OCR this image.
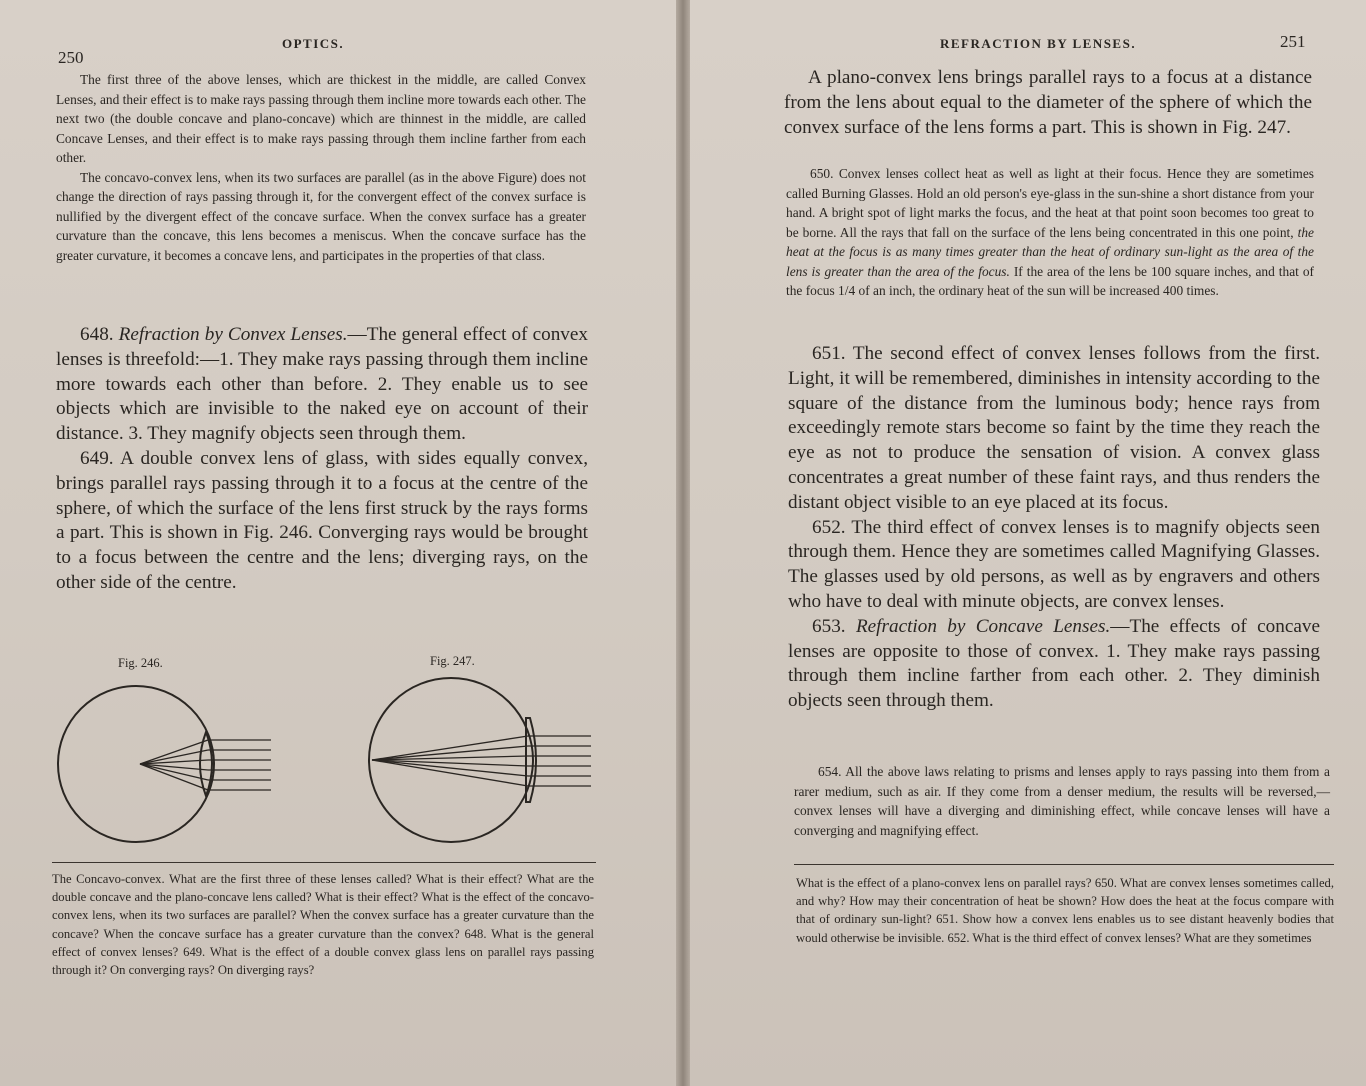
250
OPTICS.

The first three of the above lenses, which are thickest in the middle, are called Convex Lenses, and their effect is to make rays passing through them incline more towards each other. The next two (the double concave and plano-concave) which are thinnest in the middle, are called Concave Lenses, and their effect is to make rays passing through them incline farther from each other.

The concavo-convex lens, when its two surfaces are parallel (as in the above Figure) does not change the direction of rays passing through it, for the convergent effect of the convex surface is nullified by the divergent effect of the concave surface. When the convex surface has a greater curvature than the concave, this lens becomes a meniscus. When the concave surface has the greater curvature, it becomes a concave lens, and participates in the properties of that class.

648. Refraction by Convex Lenses.—The general effect of convex lenses is threefold:—1. They make rays passing through them incline more towards each other than before. 2. They enable us to see objects which are invisible to the naked eye on account of their distance. 3. They magnify objects seen through them.

649. A double convex lens of glass, with sides equally convex, brings parallel rays passing through it to a focus at the centre of the sphere, of which the surface of the lens first struck by the rays forms a part. This is shown in Fig. 246. Converging rays would be brought to a focus between the centre and the lens; diverging rays, on the other side of the centre.

Fig. 246.	Fig. 247.
The Concavo-convex. What are the first three of these lenses called? What is their effect? What are the double concave and the plano-concave lens called? What is their effect? What is the effect of the concavo-convex lens, when its two surfaces are parallel? When the convex surface has a greater curvature than the concave? When the concave surface has a greater curvature than the convex? 648. What is the general effect of convex lenses? 649. What is the effect of a double convex glass lens on parallel rays passing through it? On converging rays? On diverging rays?
REFRACTION BY LENSES.	251

A plano-convex lens brings parallel rays to a focus at a distance from the lens about equal to the diameter of the sphere of which the convex surface of the lens forms a part. This is shown in Fig. 247.

650. Convex lenses collect heat as well as light at their focus. Hence they are sometimes called Burning Glasses. Hold an old person's eye-glass in the sun-shine a short distance from your hand. A bright spot of light marks the focus, and the heat at that point soon becomes too great to be borne. All the rays that fall on the surface of the lens being concentrated in this one point, the heat at the focus is as many times greater than the heat of ordinary sun-light as the area of the lens is greater than the area of the focus. If the area of the lens be 100 square inches, and that of the focus 1/4 of an inch, the ordinary heat of the sun will be increased 400 times.

651. The second effect of convex lenses follows from the first. Light, it will be remembered, diminishes in intensity according to the square of the distance from the luminous body; hence rays from exceedingly remote stars become so faint by the time they reach the eye as not to produce the sensation of vision. A convex glass concentrates a great number of these faint rays, and thus renders the distant object visible to an eye placed at its focus.

652. The third effect of convex lenses is to magnify objects seen through them. Hence they are sometimes called Magnifying Glasses. The glasses used by old persons, as well as by engravers and others who have to deal with minute objects, are convex lenses.

653. Refraction by Concave Lenses.—The effects of concave lenses are opposite to those of convex. 1. They make rays passing through them incline farther from each other. 2. They diminish objects seen through them.

654. All the above laws relating to prisms and lenses apply to rays passing into them from a rarer medium, such as air. If they come from a denser medium, the results will be reversed,—convex lenses will have a diverging and diminishing effect, while concave lenses will have a converging and magnifying effect.

What is the effect of a plano-convex lens on parallel rays? 650. What are convex lenses sometimes called, and why? How may their concentration of heat be shown? How does the heat at the focus compare with that of ordinary sun-light? 651. Show how a convex lens enables us to see distant heavenly bodies that would otherwise be invisible. 652. What is the third effect of convex lenses? What are they sometimes
